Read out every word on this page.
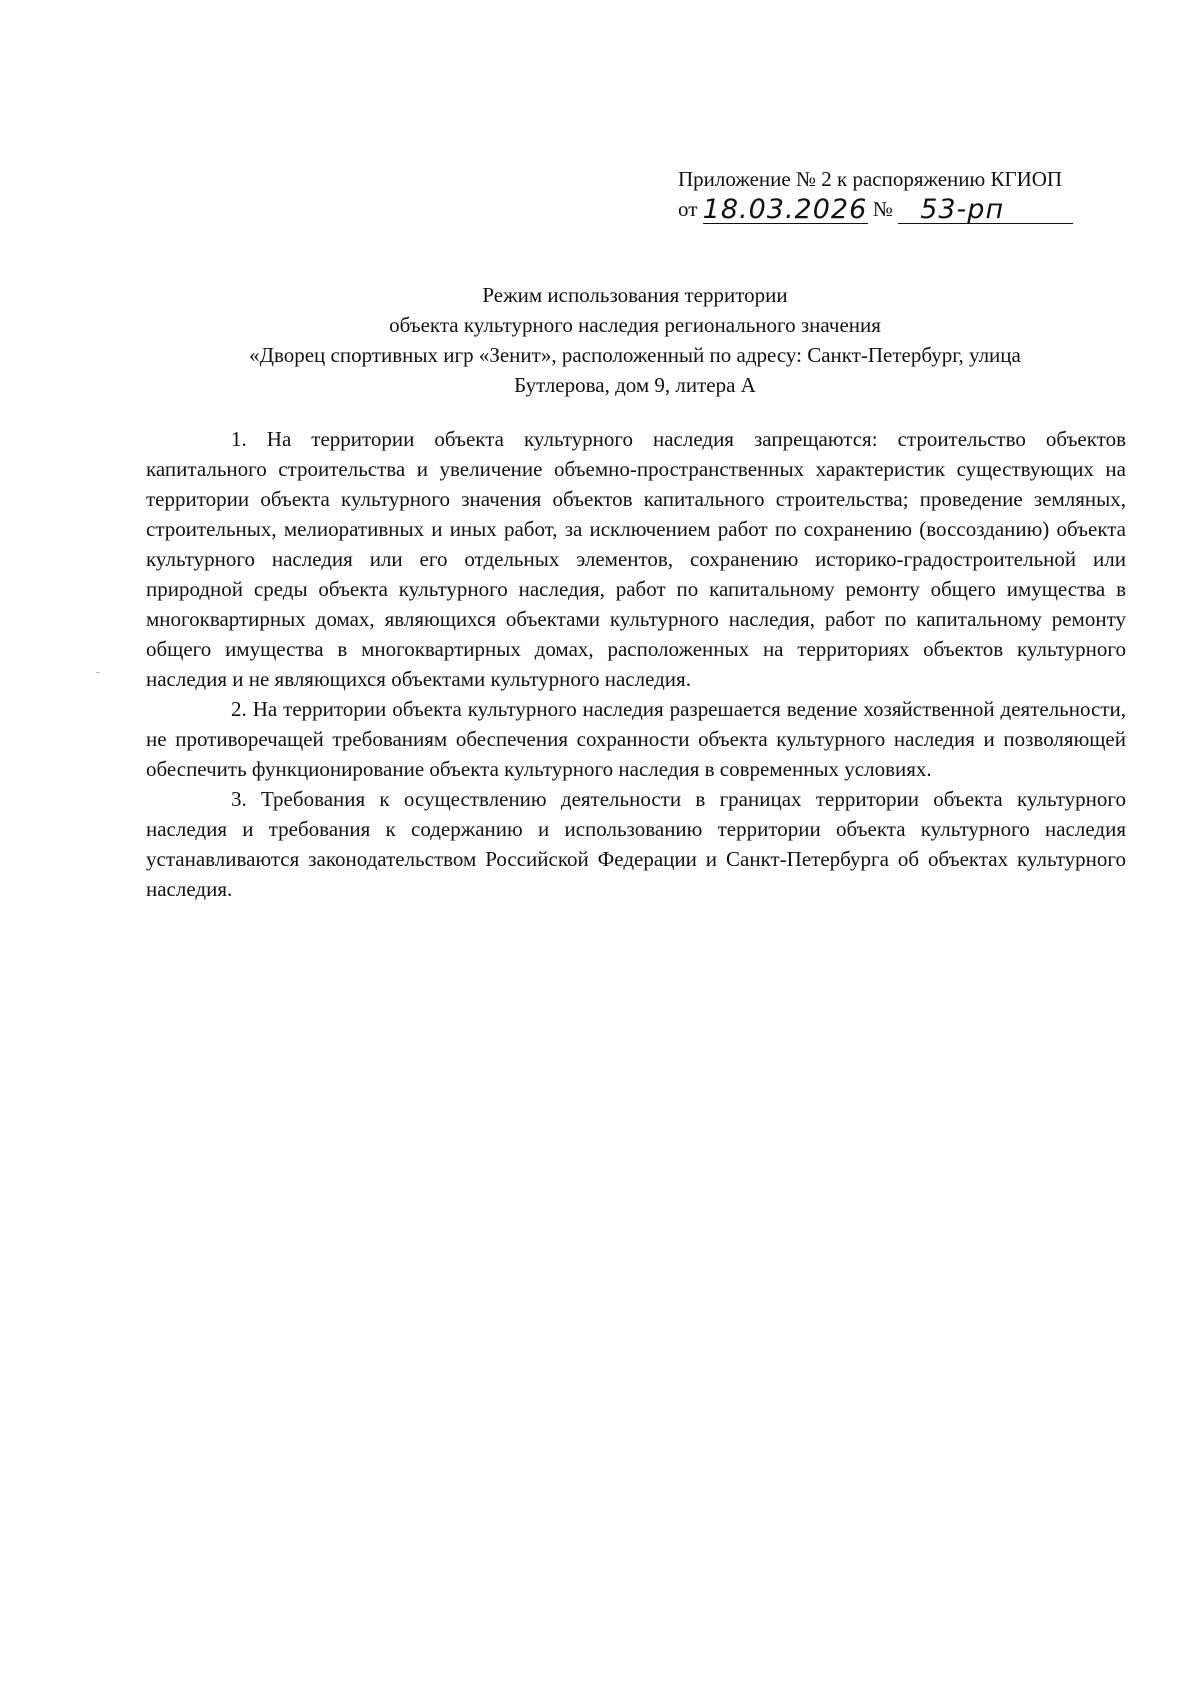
Приложение № 2 к распоряжению КГИОП
от 18.03.2026 № 53-рп
Режим использования территории
объекта культурного наследия регионального значения
«Дворец спортивных игр «Зенит», расположенный по адресу: Санкт-Петербург, улица
Бутлерова, дом 9, литера А

1. На территории объекта культурного наследия запрещаются: строительство объектов капитального строительства и увеличение объемно-пространственных характеристик существующих на территории объекта культурного значения объектов капитального строительства; проведение земляных, строительных, мелиоративных и иных работ, за исключением работ по сохранению (воссозданию) объекта культурного наследия или его отдельных элементов, сохранению историко-градостроительной или природной среды объекта культурного наследия, работ по капитальному ремонту общего имущества в многоквартирных домах, являющихся объектами культурного наследия, работ по капитальному ремонту общего имущества в многоквартирных домах, расположенных на территориях объектов культурного наследия и не являющихся объектами культурного наследия.

2. На территории объекта культурного наследия разрешается ведение хозяйственной деятельности, не противоречащей требованиям обеспечения сохранности объекта культурного наследия и позволяющей обеспечить функционирование объекта культурного наследия в современных условиях.

3. Требования к осуществлению деятельности в границах территории объекта культурного наследия и требования к содержанию и использованию территории объекта культурного наследия устанавливаются законодательством Российской Федерации и Санкт-Петербурга об объектах культурного наследия.
